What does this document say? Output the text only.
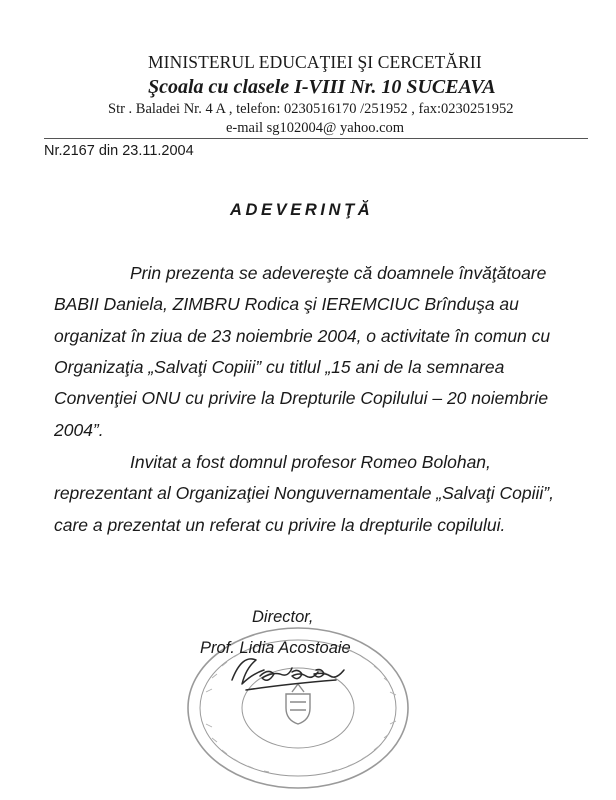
MINISTERUL EDUCAŢIEI ŞI CERCETĂRII
Şcoala cu clasele I-VIII Nr. 10 SUCEAVA
Str . Baladei Nr. 4 A , telefon: 0230516170 /251952 , fax:0230251952
e-mail sg102004@ yahoo.com
Nr.2167 din 23.11.2004
ADEVERINŢĂ
Prin prezenta se adevereşte că doamnele învăţătoare
BABII Daniela, ZIMBRU Rodica şi IEREMCIUC Brînduşa au
organizat în ziua de 23 noiembrie 2004, o activitate în comun cu
Organizaţia „Salvaţi Copiii” cu titlul „15 ani de la semnarea
Convenţiei ONU cu privire la Drepturile Copilului – 20 noiembrie
2004”.
Invitat a fost domnul profesor Romeo Bolohan,
reprezentant al Organizaţiei Nonguvernamentale „Salvaţi Copiii”,
care a prezentat un referat cu privire la drepturile copilului.
Director,
Prof. Lidia Acostoaie
